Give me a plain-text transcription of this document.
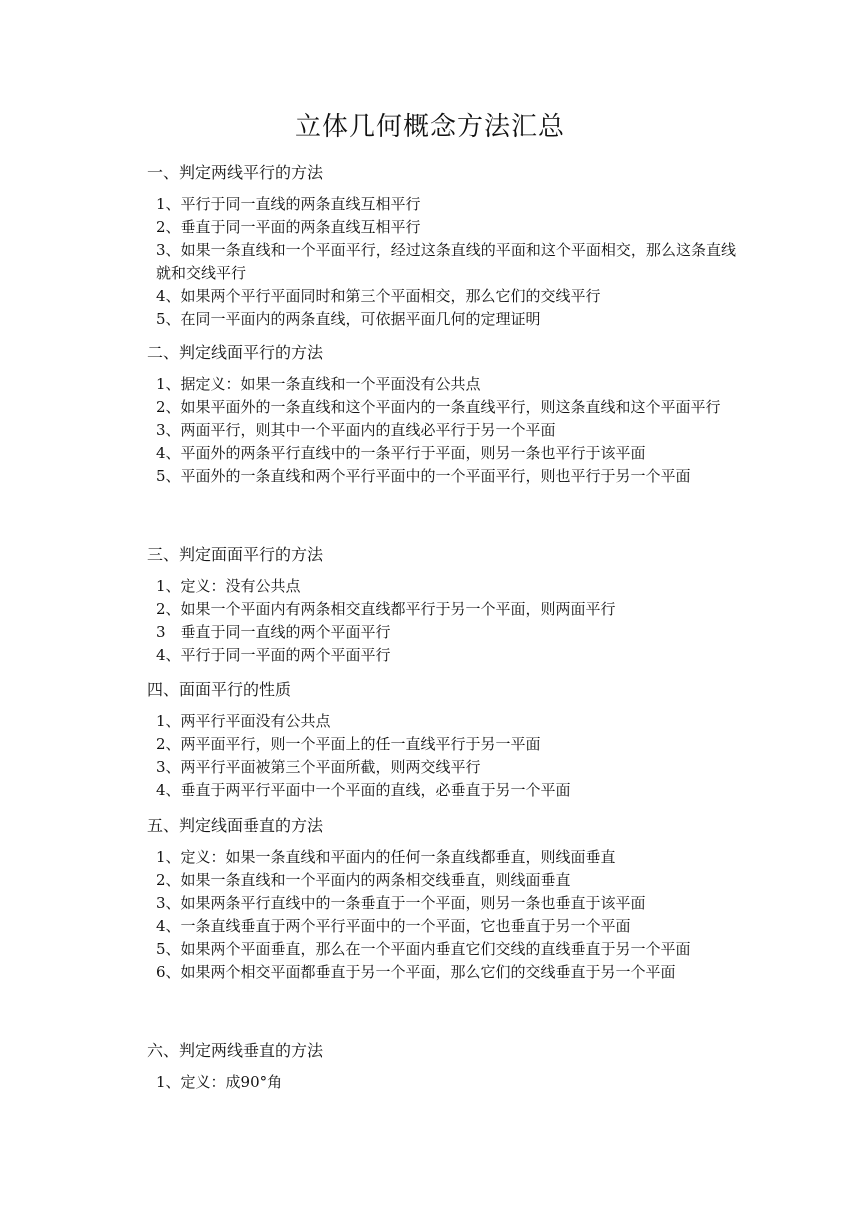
立体几何概念方法汇总
一、判定两线平行的方法
1、平行于同一直线的两条直线互相平行
2、垂直于同一平面的两条直线互相平行
3、如果一条直线和一个平面平行，经过这条直线的平面和这个平面相交，那么这条直线就和交线平行
4、如果两个平行平面同时和第三个平面相交，那么它们的交线平行
5、在同一平面内的两条直线，可依据平面几何的定理证明
二、判定线面平行的方法
1、据定义：如果一条直线和一个平面没有公共点
2、如果平面外的一条直线和这个平面内的一条直线平行，则这条直线和这个平面平行
3、两面平行，则其中一个平面内的直线必平行于另一个平面
4、平面外的两条平行直线中的一条平行于平面，则另一条也平行于该平面
5、平面外的一条直线和两个平行平面中的一个平面平行，则也平行于另一个平面
三、判定面面平行的方法
1、定义：没有公共点
2、如果一个平面内有两条相交直线都平行于另一个平面，则两面平行
3　垂直于同一直线的两个平面平行
4、平行于同一平面的两个平面平行
四、面面平行的性质
1、两平行平面没有公共点
2、两平面平行，则一个平面上的任一直线平行于另一平面
3、两平行平面被第三个平面所截，则两交线平行
4、垂直于两平行平面中一个平面的直线，必垂直于另一个平面
五、判定线面垂直的方法
1、定义：如果一条直线和平面内的任何一条直线都垂直，则线面垂直
2、如果一条直线和一个平面内的两条相交线垂直，则线面垂直
3、如果两条平行直线中的一条垂直于一个平面，则另一条也垂直于该平面
4、一条直线垂直于两个平行平面中的一个平面，它也垂直于另一个平面
5、如果两个平面垂直，那么在一个平面内垂直它们交线的直线垂直于另一个平面
6、如果两个相交平面都垂直于另一个平面，那么它们的交线垂直于另一个平面
六、判定两线垂直的方法
1、定义：成90°角
